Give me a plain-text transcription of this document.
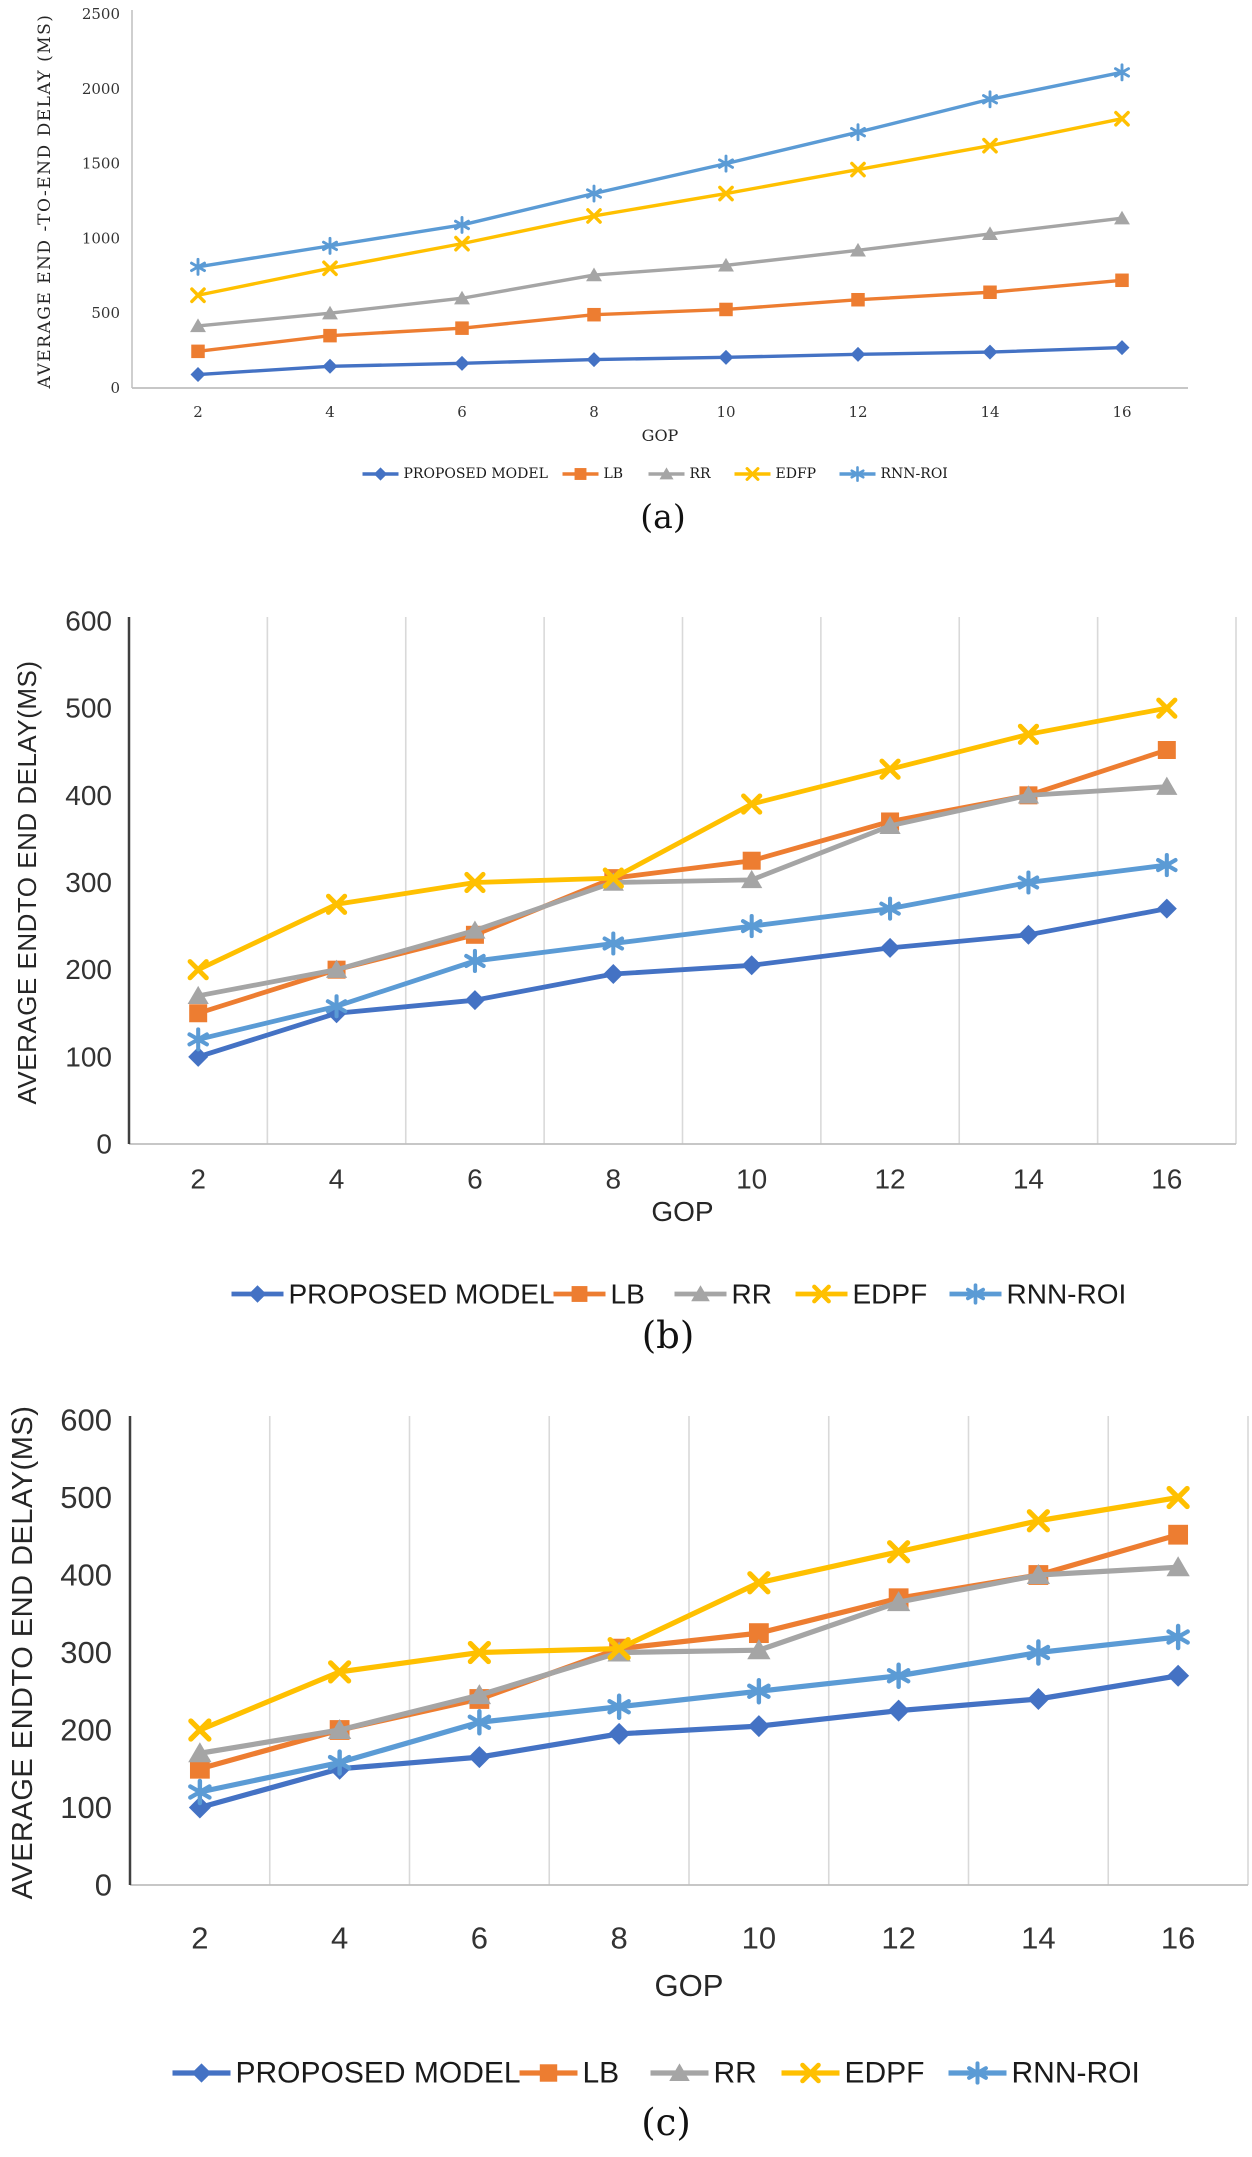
0
500
1000
1500
2000
2500
2	4	6	8	10	12	14	16
AVERAGE END -TO-END DELAY (MS)
GOP
PROPOSED MODEL	LB	RR	EDFP	RNN-ROI
0
100
200
300
400
500
600
2	4	6	8	10	12	14	16
AVERAGE ENDTO END DELAY(MS)
GOP
PROPOSED MODEL LB	RR	EDPF	RNN-ROI
0
100
200
300
400
500
600
2	4	6	8	10	12	14	16
AVERAGE ENDTO END DELAY(MS)
GOP
PROPOSED MODEL LB	RR	EDPF	RNN-ROI
(a)
(b)
(c)
